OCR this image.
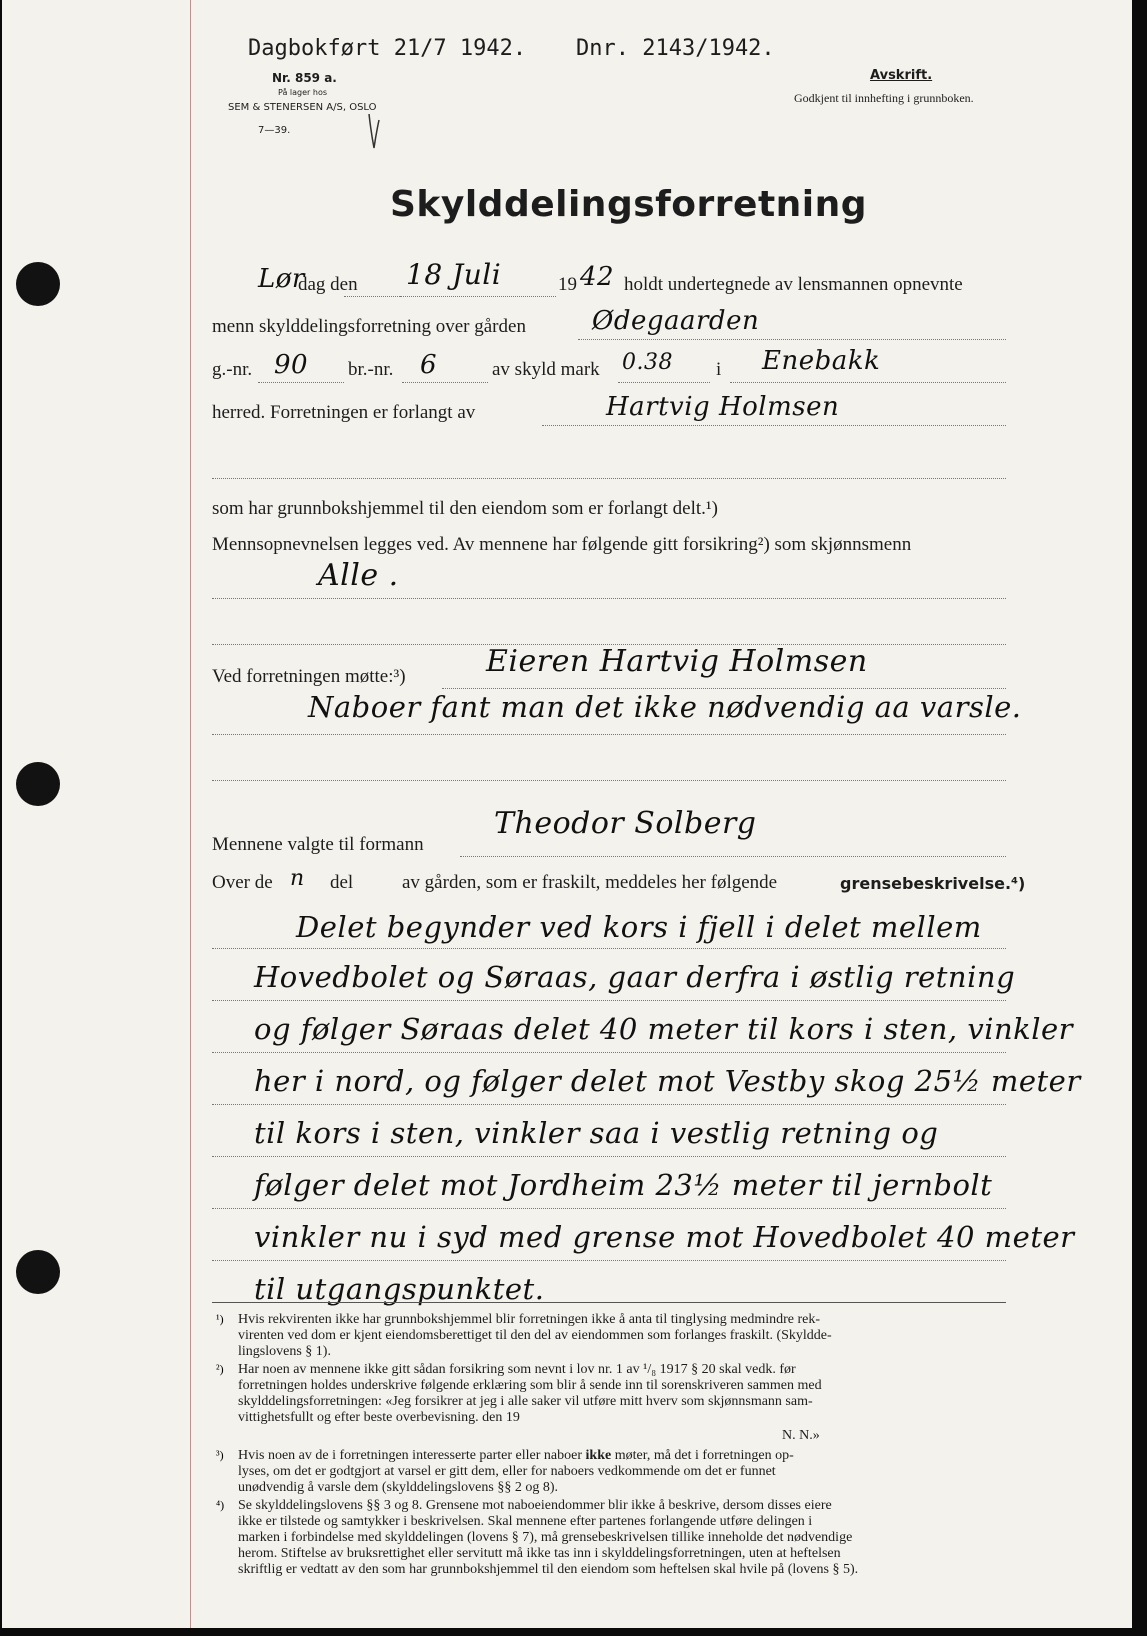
Dagbokført 21/7 1942. Dnr. 2143/1942.
Nr. 859 a.
På lager hos
SEM & STENERSEN A/S, OSLO
7—39.
Avskrift.
Godkjent til innhefting i grunnboken.
Skylddelingsforretning
Lør
dag den 18 Juli	19 42 holdt undertegnede av lensmannen opnevnte
menn skylddelingsforretning over gården	Ødegaarden
g.-nr. 90 br.-nr. 6	av skyld mark 0.38 i Enebakk
herred. Forretningen er forlangt av	Hartvig Holmsen
som har grunnbokshjemmel til den eiendom som er forlangt delt.¹)
Mennsopnevnelsen legges ved. Av mennene har følgende gitt forsikring²) som skjønnsmenn
Alle .
Ved forretningen møtte:³)	Eieren Hartvig Holmsen
Naboer fant man det ikke nødvendig aa varsle.
Mennene valgte til formann
Theodor Solberg
Over de n del	av gården, som er fraskilt, meddeles her følgende	grensebeskrivelse.⁴)
Delet begynder ved kors i fjell i delet mellem
Hovedbolet og Søraas, gaar derfra i østlig retning
og følger Søraas delet 40 meter til kors i sten, vinkler
her i nord, og følger delet mot Vestby skog 25½ meter
til kors i sten, vinkler saa i vestlig retning og
følger delet mot Jordheim 23½ meter til jernbolt
vinkler nu i syd med grense mot Hovedbolet 40 meter
til utgangspunktet.
¹) Hvis rekvirenten ikke har grunnbokshjemmel blir forretningen ikke å anta til tinglysing medmindre rek-
virenten ved dom er kjent eiendomsberettiget til den del av eiendommen som forlanges fraskilt. (Skyldde-
lingslovens § 1).
²) Har noen av mennene ikke gitt sådan forsikring som nevnt i lov nr. 1 av ¹/₈ 1917 § 20 skal vedk. før
forretningen holdes underskrive følgende erklæring som blir å sende inn til sorenskriveren sammen med
skylddelingsforretningen: «Jeg forsikrer at jeg i alle saker vil utføre mitt hverv som skjønnsmann sam-
vittighetsfullt og efter beste overbevisning. den 19
N. N.»
³) Hvis noen av de i forretningen interesserte parter eller naboer ikke møter, må det i forretningen op-
lyses, om det er godtgjort at varsel er gitt dem, eller for naboers vedkommende om det er funnet
unødvendig å varsle dem (skylddelingslovens §§ 2 og 8).
⁴) Se skylddelingslovens §§ 3 og 8. Grensene mot naboeiendommer blir ikke å beskrive, dersom disses eiere
ikke er tilstede og samtykker i beskrivelsen. Skal mennene efter partenes forlangende utføre delingen i
marken i forbindelse med skylddelingen (lovens § 7), må grensebeskrivelsen tillike inneholde det nødvendige
herom. Stiftelse av bruksrettighet eller servitutt må ikke tas inn i skylddelingsforretningen, uten at heftelsen
skriftlig er vedtatt av den som har grunnbokshjemmel til den eiendom som heftelsen skal hvile på (lovens § 5).
